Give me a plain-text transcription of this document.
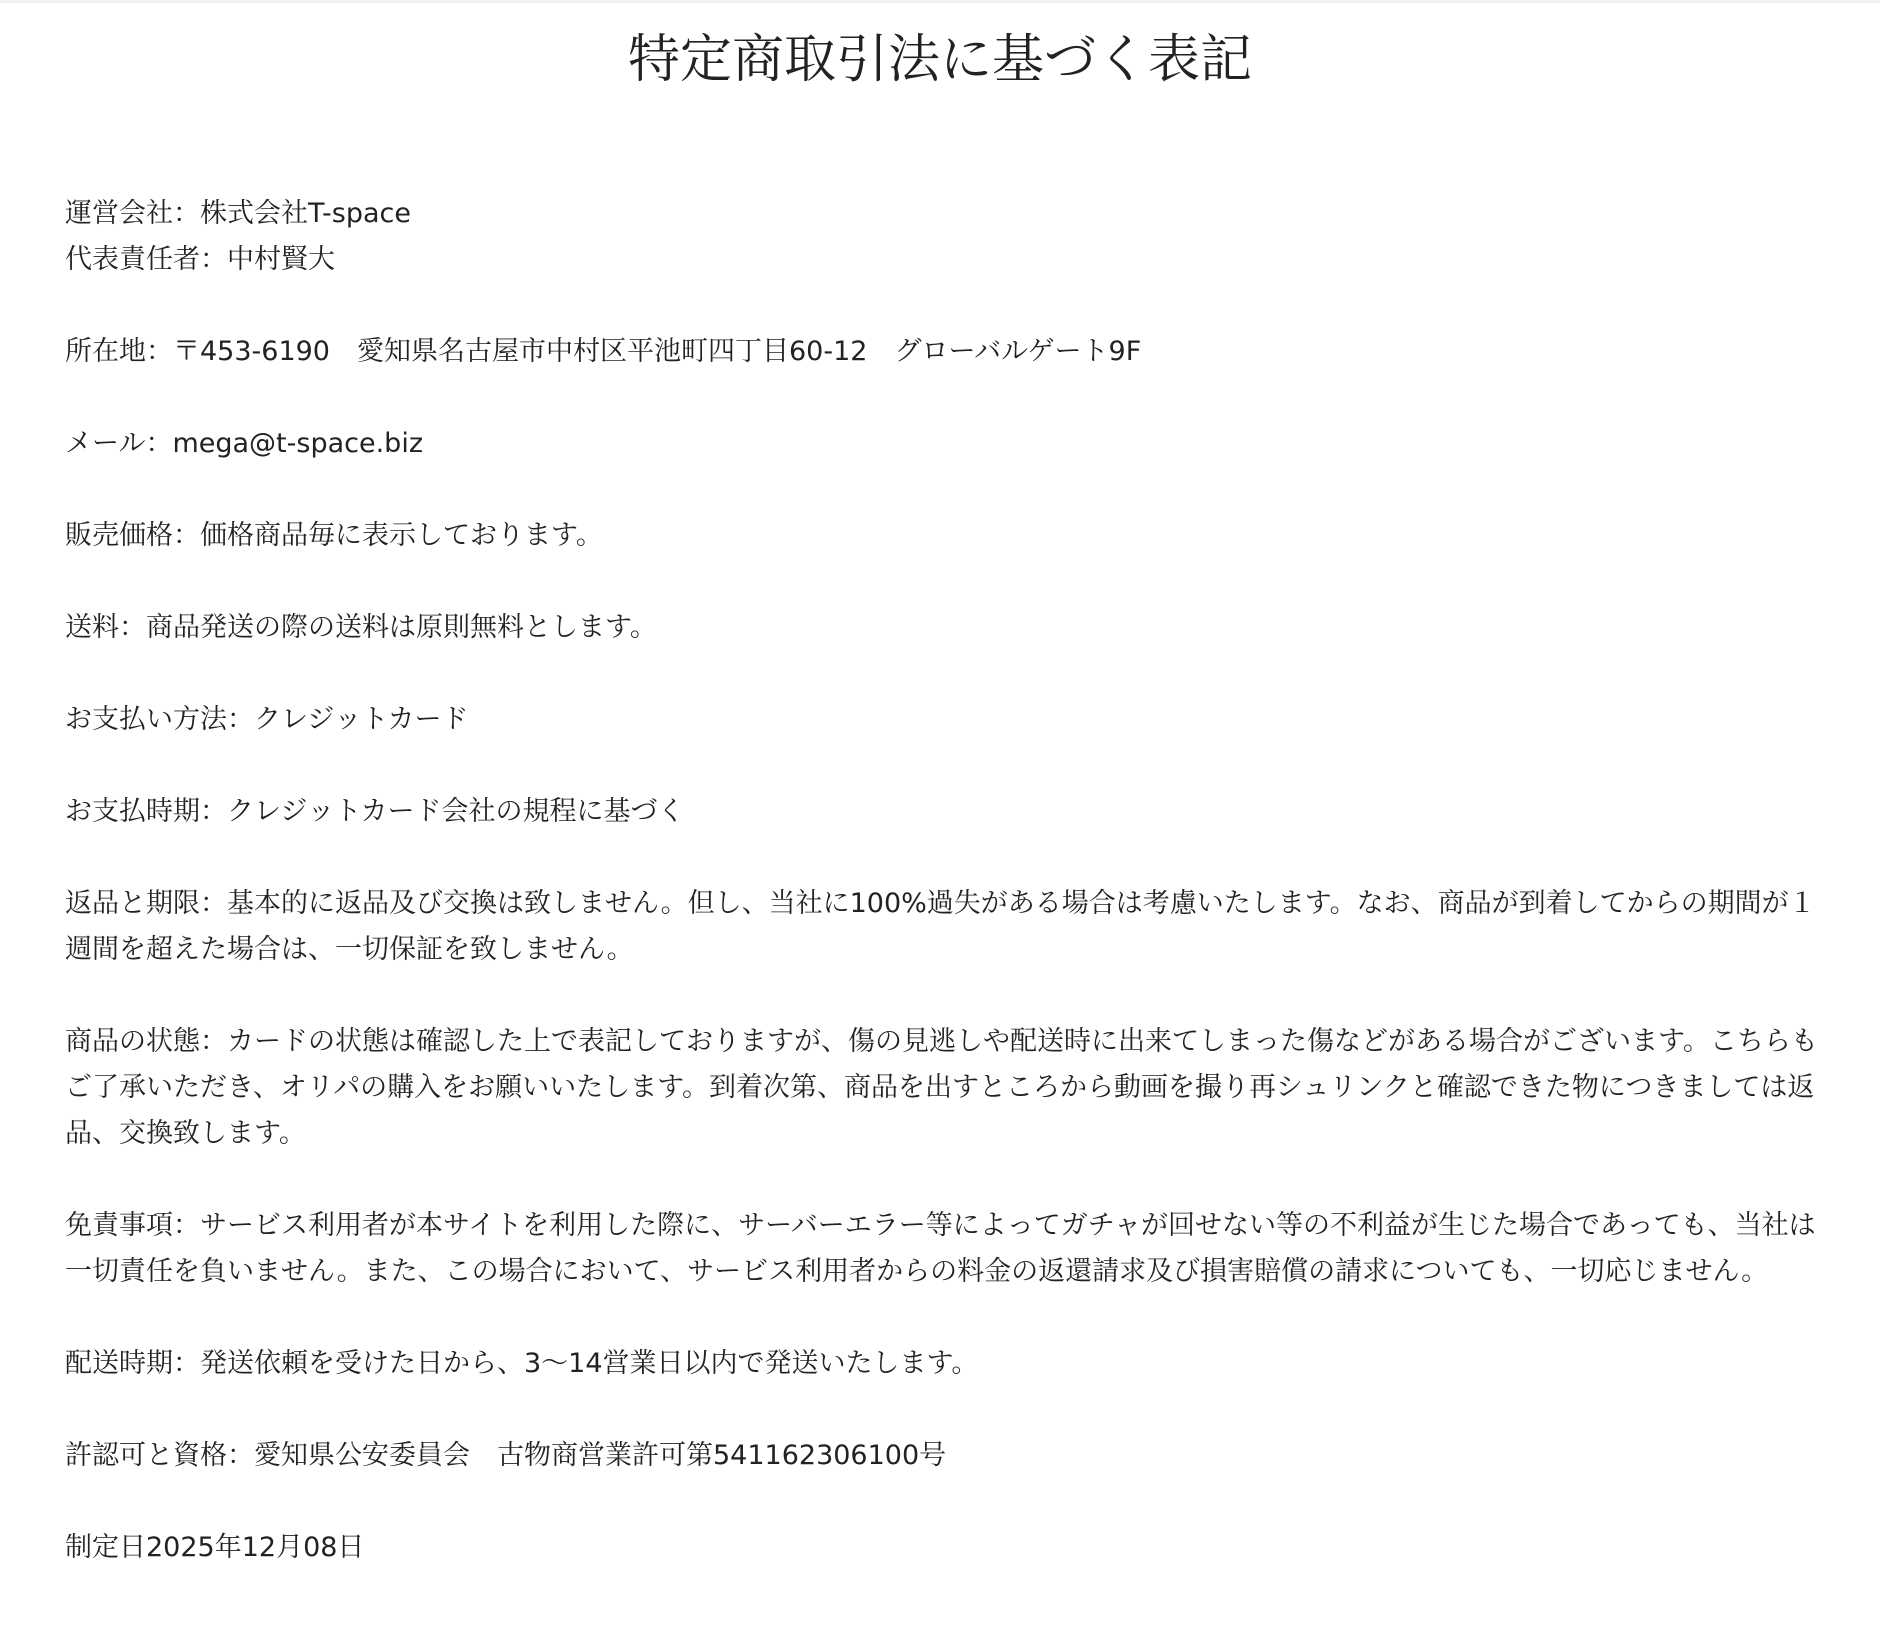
特定商取引法に基づく表記

運営会社：株式会社T-space

代表責任者：中村賢大

所在地：〒453-6190　愛知県名古屋市中村区平池町四丁目60-12　グローバルゲート9F

メール：mega@t-space.biz

販売価格：価格商品毎に表示しております。

送料：商品発送の際の送料は原則無料とします。

お支払い方法：クレジットカード

お支払時期：クレジットカード会社の規程に基づく

返品と期限：基本的に返品及び交換は致しません。但し、当社に100%過失がある場合は考慮いたします。なお、商品が到着してからの期間が１週間を超えた場合は、一切保証を致しません。

商品の状態：カードの状態は確認した上で表記しておりますが、傷の見逃しや配送時に出来てしまった傷などがある場合がございます。こちらもご了承いただき、オリパの購入をお願いいたします。到着次第、商品を出すところから動画を撮り再シュリンクと確認できた物につきましては返品、交換致します。

免責事項：サービス利用者が本サイトを利用した際に、サーバーエラー等によってガチャが回せない等の不利益が生じた場合であっても、当社は一切責任を負いません。また、この場合において、サービス利用者からの料金の返還請求及び損害賠償の請求についても、一切応じません。

配送時期：発送依頼を受けた日から、3〜14営業日以内で発送いたします。

許認可と資格：愛知県公安委員会　古物商営業許可第541162306100号

制定日2025年12月08日
